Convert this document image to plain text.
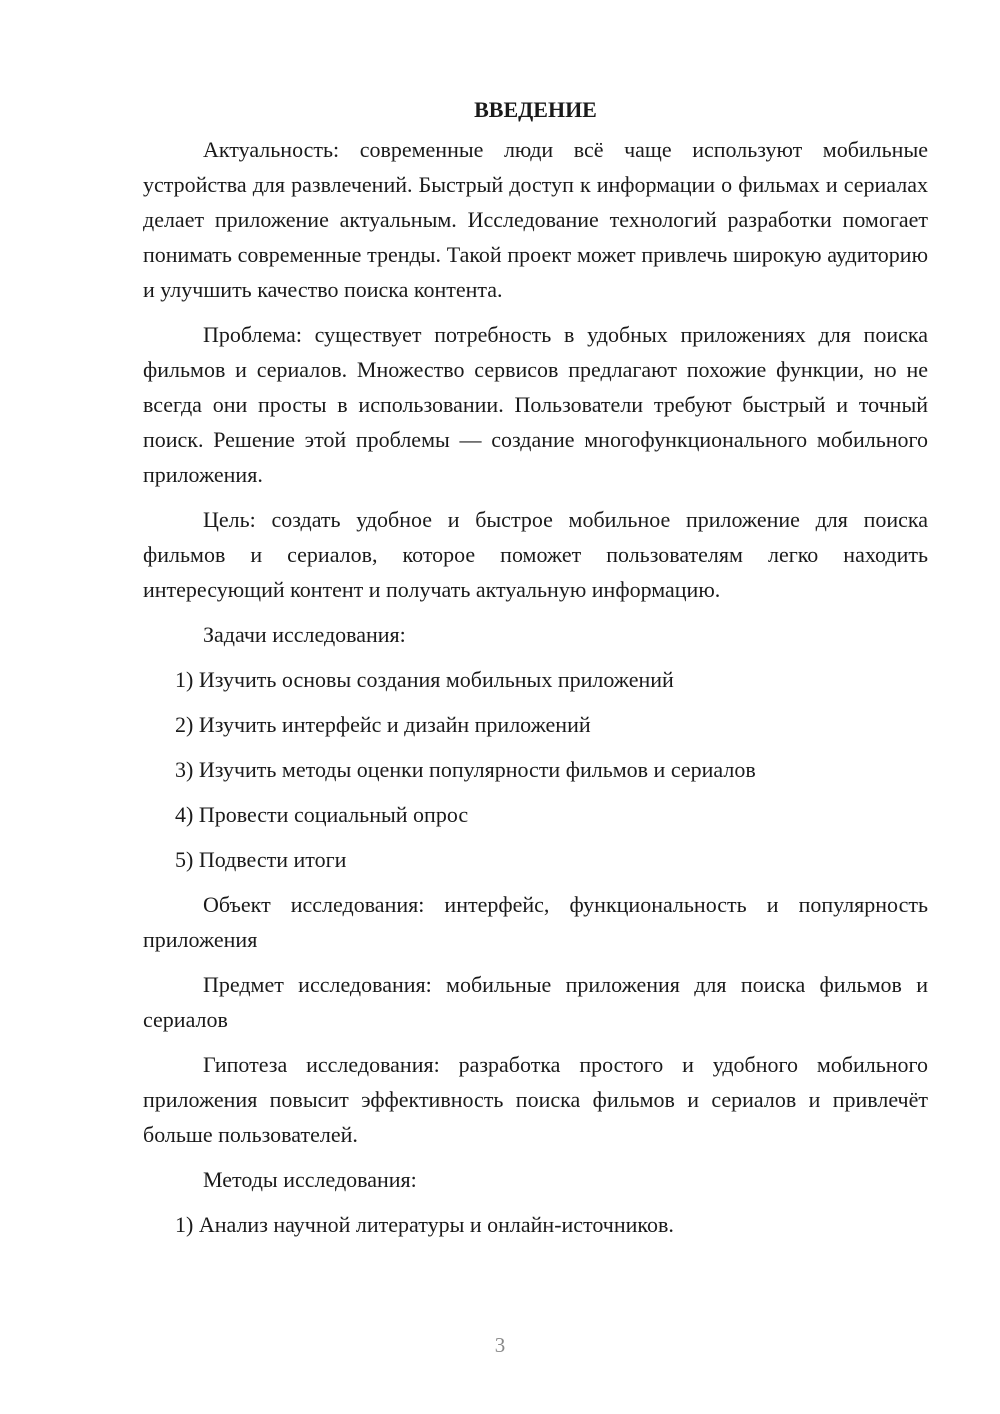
ВВЕДЕНИЕ

Актуальность: современные люди всё чаще используют мобильные устройства для развлечений. Быстрый доступ к информации о фильмах и сериалах делает приложение актуальным. Исследование технологий разработки помогает понимать современные тренды. Такой проект может привлечь широкую аудиторию и улучшить качество поиска контента.

Проблема: существует потребность в удобных приложениях для поиска фильмов и сериалов. Множество сервисов предлагают похожие функции, но не всегда они просты в использовании. Пользователи требуют быстрый и точный поиск. Решение этой проблемы — создание многофункционального мобильного приложения.

Цель: создать удобное и быстрое мобильное приложение для поиска фильмов и сериалов, которое поможет пользователям легко находить интересующий контент и получать актуальную информацию.

Задачи исследования:

1) Изучить основы создания мобильных приложений
2) Изучить интерфейс и дизайн приложений
3) Изучить методы оценки популярности фильмов и сериалов
4) Провести социальный опрос
5) Подвести итоги

Объект исследования: интерфейс, функциональность и популярность приложения

Предмет исследования: мобильные приложения для поиска фильмов и сериалов

Гипотеза исследования: разработка простого и удобного мобильного приложения повысит эффективность поиска фильмов и сериалов и привлечёт больше пользователей.

Методы исследования:

1) Анализ научной литературы и онлайн-источников.
3
